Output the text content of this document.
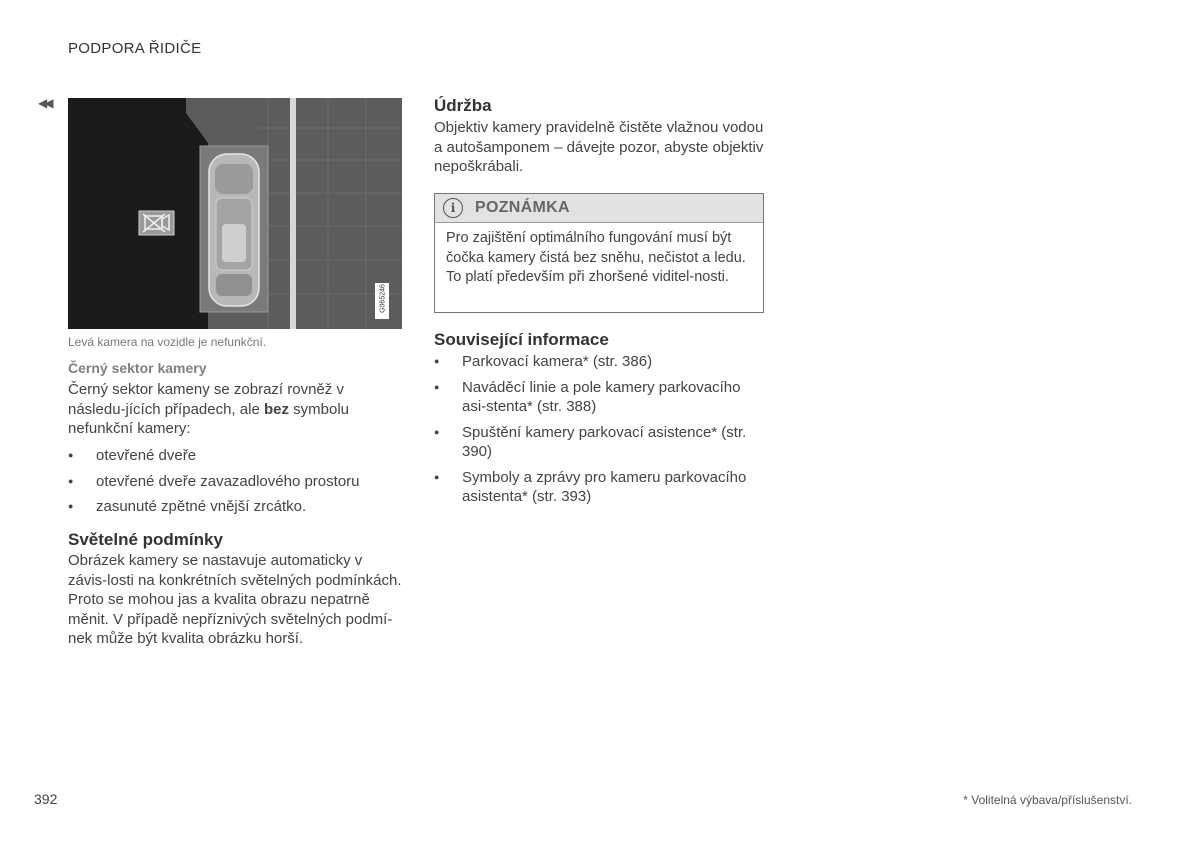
PODPORA ŘIDIČE
◀◀
G065246
Levá kamera na vozidle je nefunkční.
Černý sektor kamery
Černý sektor kameny se zobrazí rovněž v následu-jících případech, ale bez symbolu nefunkční kamery:
● otevřené dveře
● otevřené dveře zavazadlového prostoru
● zasunuté zpětné vnější zrcátko.
Světelné podmínky
Obrázek kamery se nastavuje automaticky v závis-losti na konkrétních světelných podmínkách. Proto se mohou jas a kvalita obrazu nepatrně měnit. V případě nepříznivých světelných podmí-nek může být kvalita obrázku horší.
Údržba
Objektiv kamery pravidelně čistěte vlažnou vodou a autošamponem – dávejte pozor, abyste objektiv nepoškrábali.
i	POZNÁMKA
Pro zajištění optimálního fungování musí být čočka kamery čistá bez sněhu, nečistot a ledu. To platí především při zhoršené viditel-nosti.
Související informace
● Parkovací kamera* (str. 386)
● Naváděcí linie a pole kamery parkovacího asi-stenta* (str. 388)
● Spuštění kamery parkovací asistence* (str. 390)
● Symboly a zprávy pro kameru parkovacího asistenta* (str. 393)
392	* Volitelná výbava/příslušenství.
